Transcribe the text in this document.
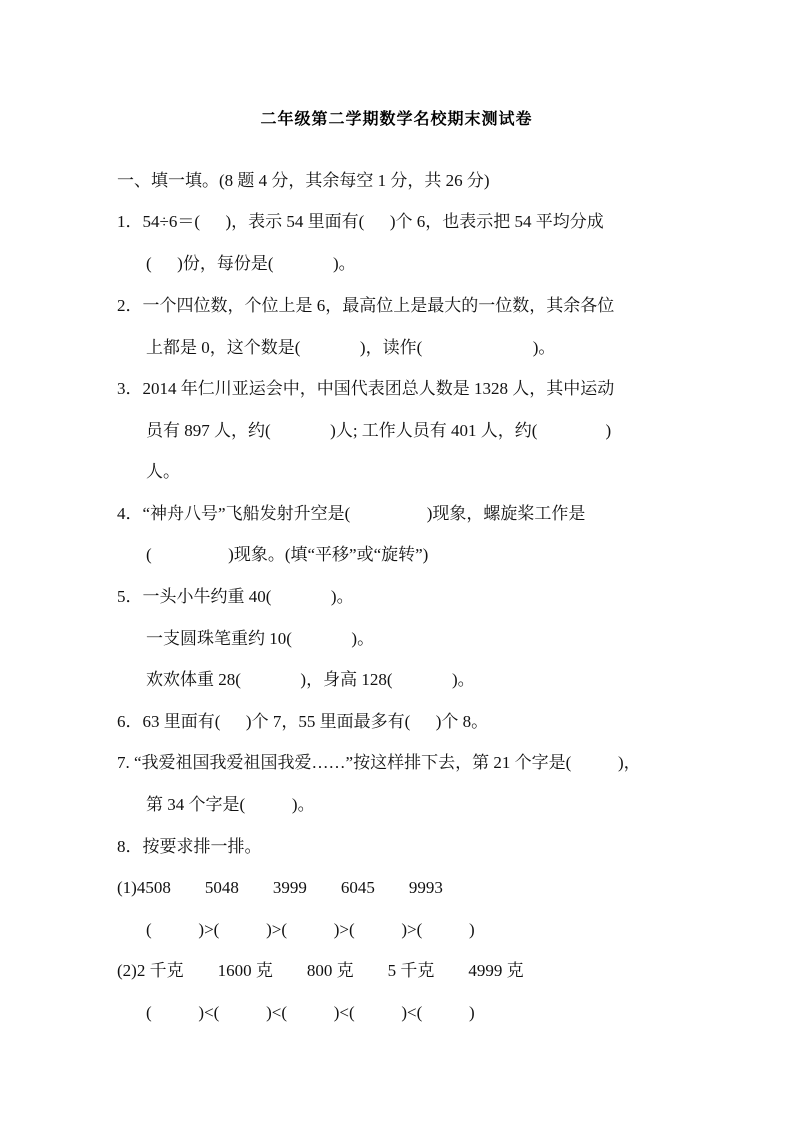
二年级第二学期数学名校期末测试卷
一、填一填。(8 题 4 分，其余每空 1 分，共 26 分)
1．54÷6＝(      )，表示 54 里面有(      )个 6，也表示把 54 平均分成
(      )份，每份是(              )。
2．一个四位数，个位上是 6，最高位上是最大的一位数，其余各位
上都是 0，这个数是(              )，读作(                          )。
3．2014 年仁川亚运会中，中国代表团总人数是 1328 人，其中运动
员有 897 人，约(              )人; 工作人员有 401 人，约(                )
人。
4．“神舟八号”飞船发射升空是(                  )现象，螺旋桨工作是
(                  )现象。(填“平移”或“旋转”)
5．一头小牛约重 40(              )。
一支圆珠笔重约 10(              )。
欢欢体重 28(              )，身高 128(              )。
6．63 里面有(      )个 7，55 里面最多有(      )个 8。
7. “我爱祖国我爱祖国我爱……”按这样排下去，第 21 个字是(           )，
第 34 个字是(           )。
8．按要求排一排。
(1)4508        5048        3999        6045        9993
(           )>(           )>(           )>(           )>(           )
(2)2 千克        1600 克        800 克        5 千克        4999 克
(           )<(           )<(           )<(           )<(           )
